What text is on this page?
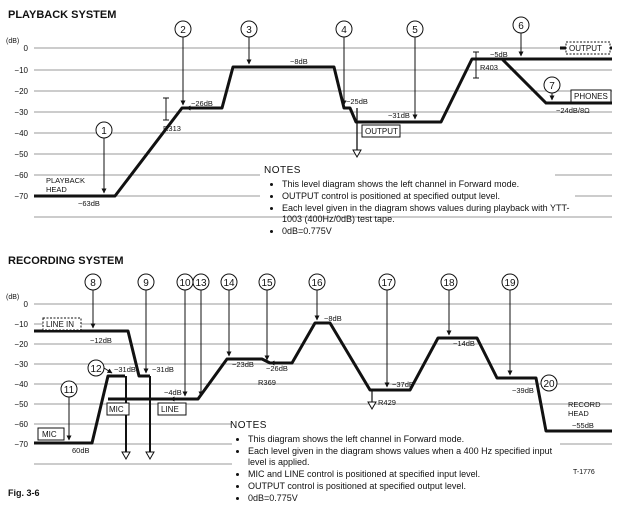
PLAYBACK SYSTEM
(dB)
0
−10
−20
−30
−40
−50
−60
−70
1
2	3	4	5	6
7
PLAYBACK
HEAD
−63dB
R313
−26dB
−8dB
−25dB
−31dB
−5dB
R403
−24dB/8Ω
OUTPUT
OUTPUT
PHONES
RECORDING SYSTEM
(dB)
0
−10
−20
−30
−40
−50
−60
−70
8	9	10 13 14	15	16	17	18	19
20
11
12
−12dB
−31dB −31dB
60dB
−4dB
−23dB −26dB
R369
−8dB
−37dB
R429
−14dB
−39dB
RECORD
HEAD
−55dB
LINE IN
MIC
MIC	LINE
T-1776
Fig. 3-6
NOTES
• This level diagram shows the left channel in Forward mode.
• OUTPUT control is positioned at specified output level.
• Each level given in the diagram shows values during playback with YTT-1003 (400Hz/0dB) test tape.
• 0dB=0.775V
NOTES
• This diagram shows the left channel in Forward mode.
• Each level given in the diagram shows values when a 400 Hz specified input level is applied.
• MIC and LINE control is positioned at specified input level.
• OUTPUT control is positioned at specified output level.
• 0dB=0.775V
